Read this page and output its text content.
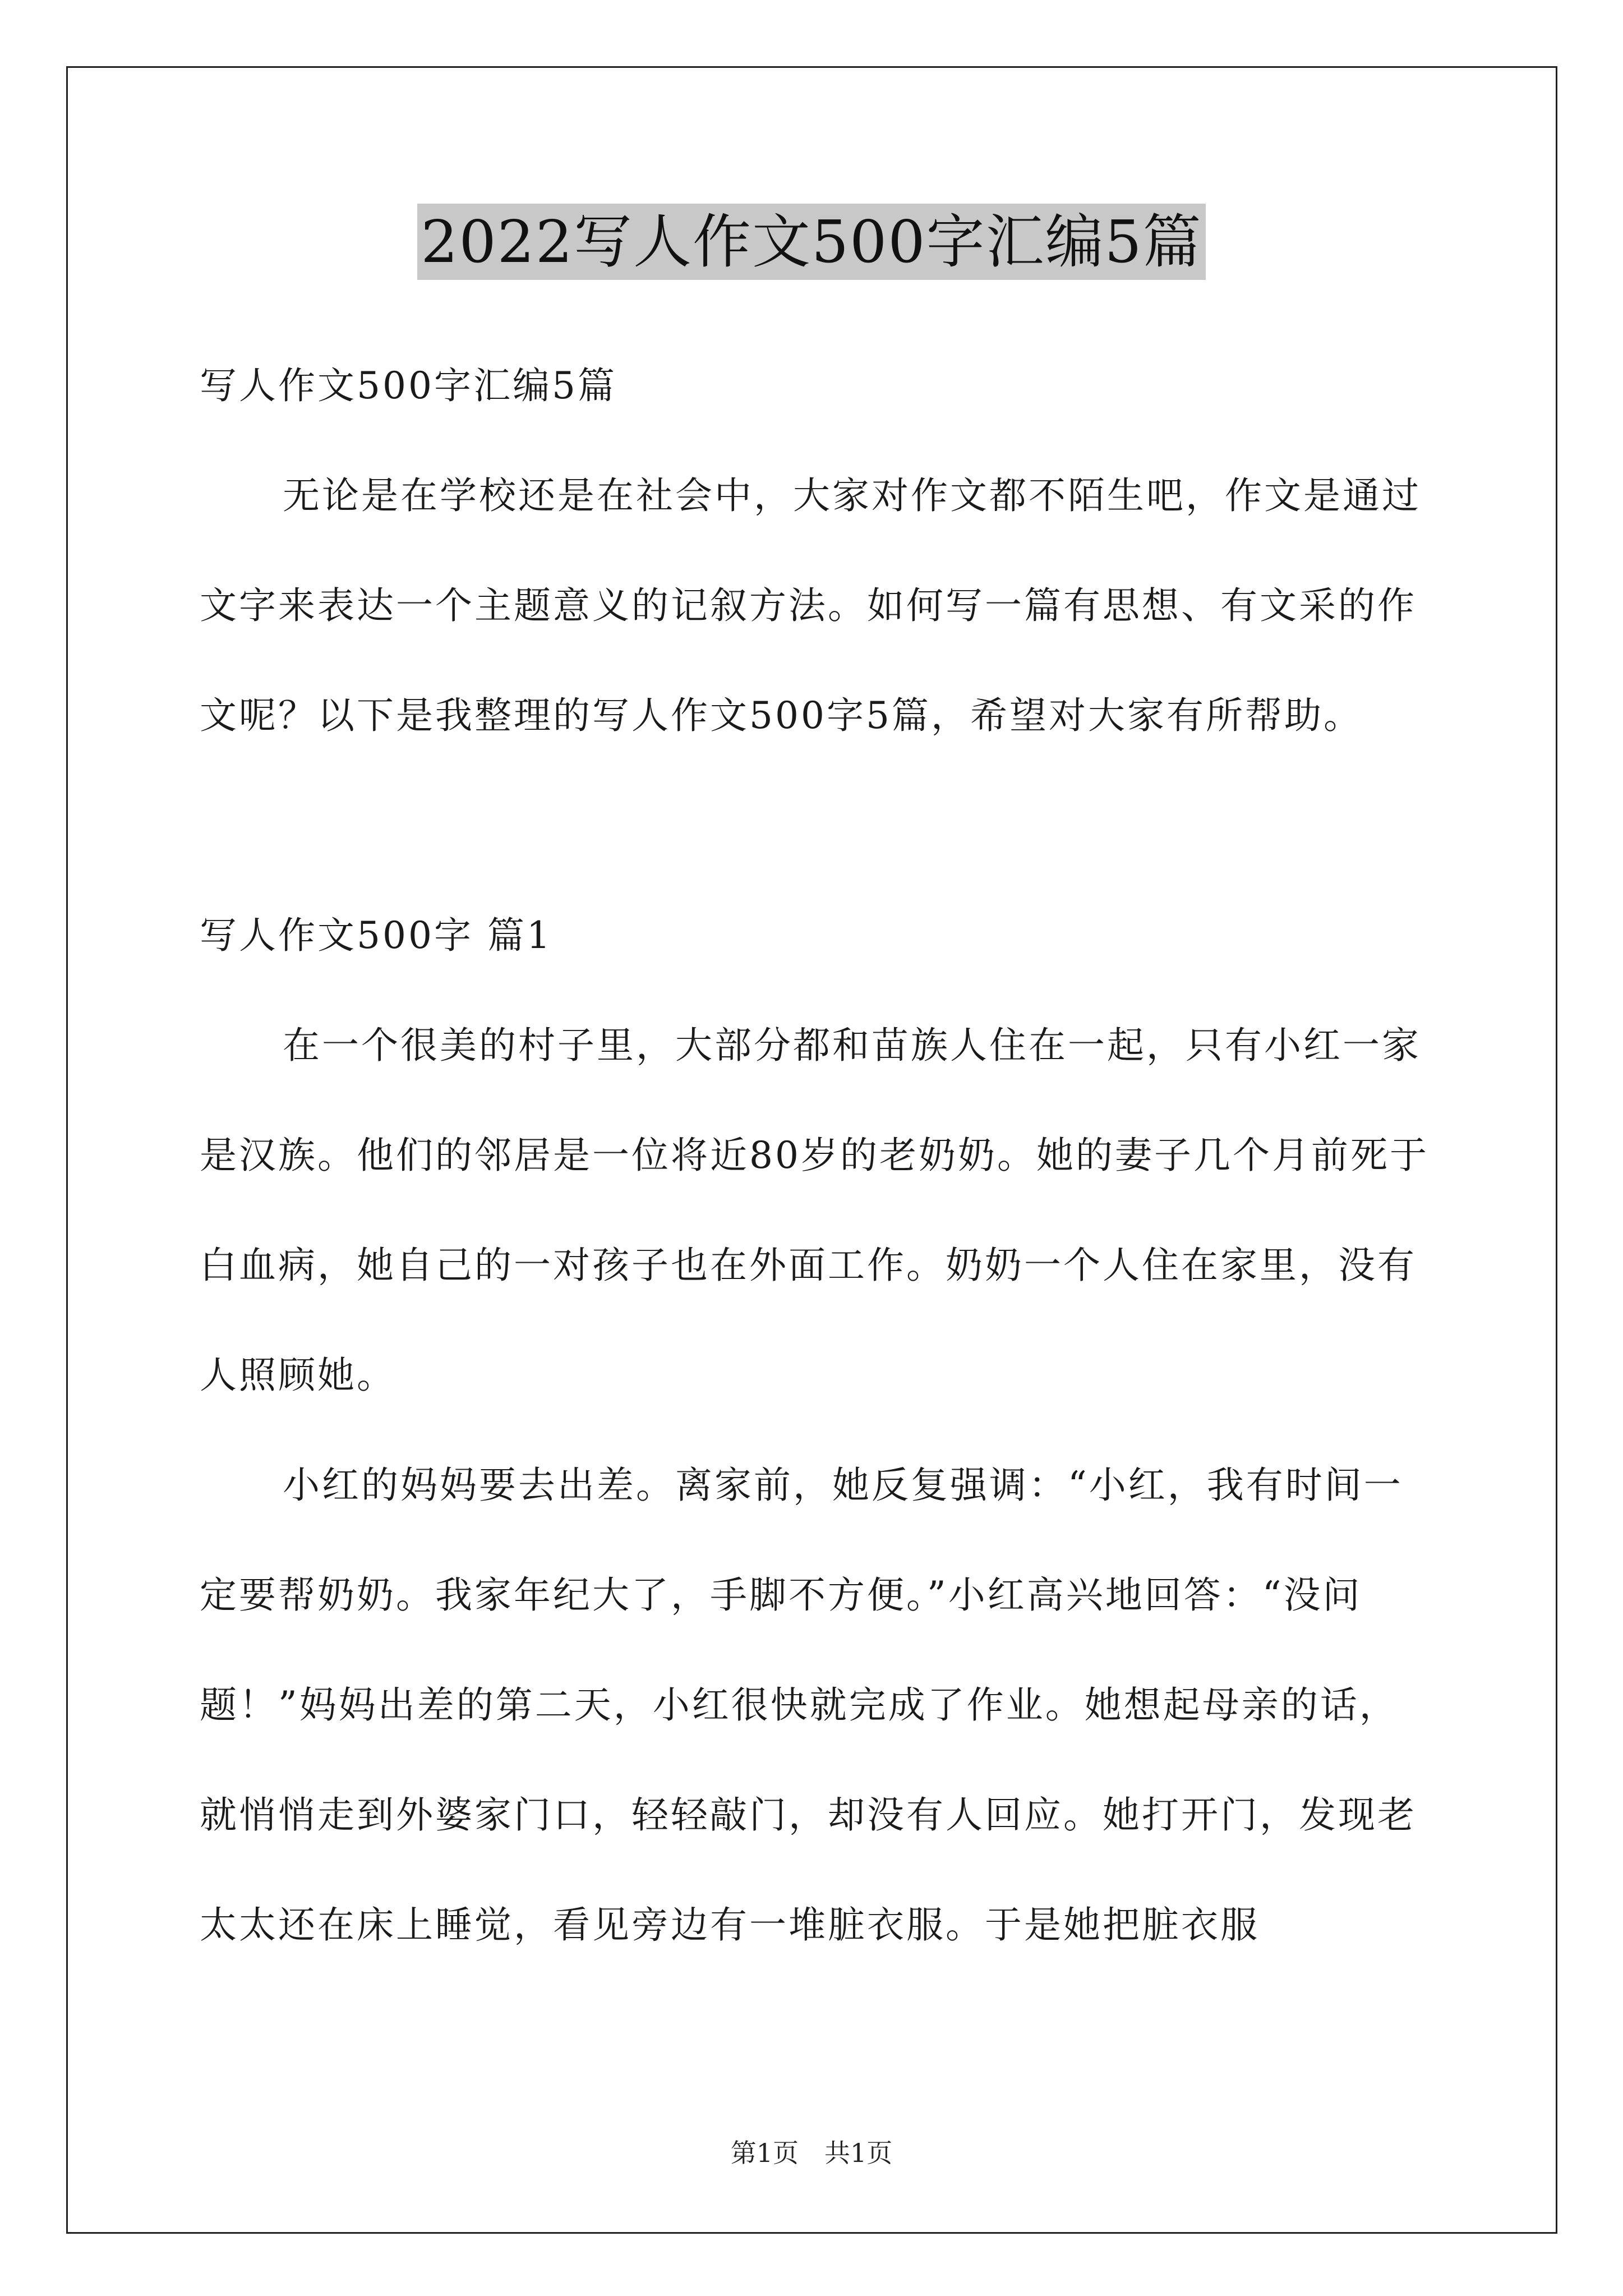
2022写人作文500字汇编5篇

写人作文500字汇编5篇

无论是在学校还是在社会中，大家对作文都不陌生吧，作文是通过文字来表达一个主题意义的记叙方法。如何写一篇有思想、有文采的作文呢？以下是我整理的写人作文500字5篇，希望对大家有所帮助。

写人作文500字 篇1

在一个很美的村子里，大部分都和苗族人住在一起，只有小红一家是汉族。他们的邻居是一位将近80岁的老奶奶。她的妻子几个月前死于白血病，她自己的一对孩子也在外面工作。奶奶一个人住在家里，没有人照顾她。

小红的妈妈要去出差。离家前，她反复强调：“小红，我有时间一定要帮奶奶。我家年纪大了，手脚不方便。”小红高兴地回答：“没问题！”妈妈出差的第二天，小红很快就完成了作业。她想起母亲的话，就悄悄走到外婆家门口，轻轻敲门，却没有人回应。她打开门，发现老太太还在床上睡觉，看见旁边有一堆脏衣服。于是她把脏衣服

第1页　共1页
